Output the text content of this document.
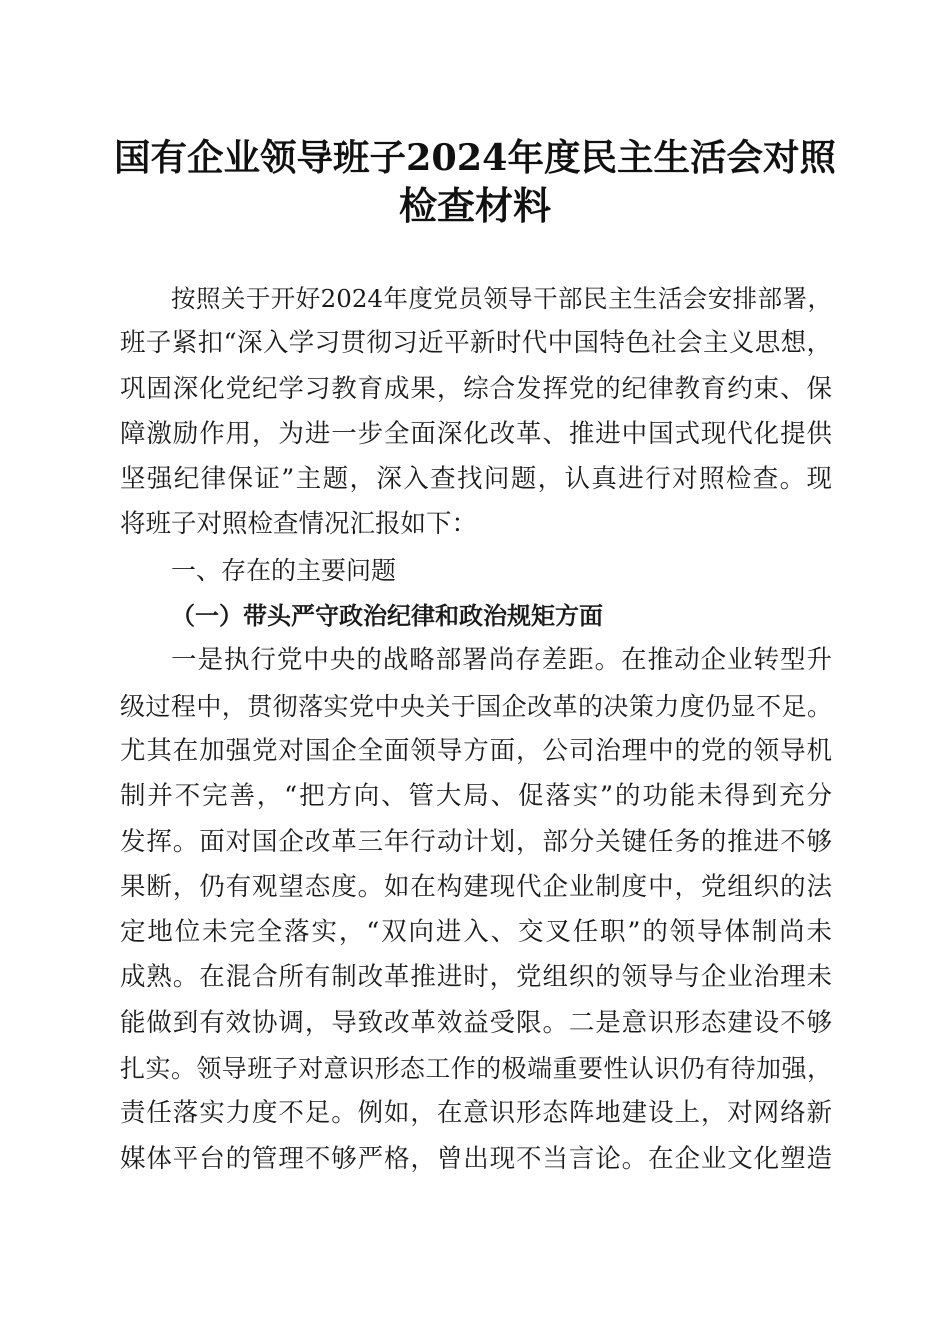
国有企业领导班子2024年度民主生活会对照
检查材料
按照关于开好2024年度党员领导干部民主生活会安排部署，
班子紧扣“深入学习贯彻习近平新时代中国特色社会主义思想，
巩固深化党纪学习教育成果，综合发挥党的纪律教育约束、保
障激励作用，为进一步全面深化改革、推进中国式现代化提供
坚强纪律保证”主题，深入查找问题，认真进行对照检查。现
将班子对照检查情况汇报如下：
一、存在的主要问题
（一）带头严守政治纪律和政治规矩方面
一是执行党中央的战略部署尚存差距。在推动企业转型升
级过程中，贯彻落实党中央关于国企改革的决策力度仍显不足。
尤其在加强党对国企全面领导方面，公司治理中的党的领导机
制并不完善，“把方向、管大局、促落实”的功能未得到充分
发挥。面对国企改革三年行动计划，部分关键任务的推进不够
果断，仍有观望态度。如在构建现代企业制度中，党组织的法
定地位未完全落实，“双向进入、交叉任职”的领导体制尚未
成熟。在混合所有制改革推进时，党组织的领导与企业治理未
能做到有效协调，导致改革效益受限。二是意识形态建设不够
扎实。领导班子对意识形态工作的极端重要性认识仍有待加强，
责任落实力度不足。例如，在意识形态阵地建设上，对网络新
媒体平台的管理不够严格，曾出现不当言论。在企业文化塑造
